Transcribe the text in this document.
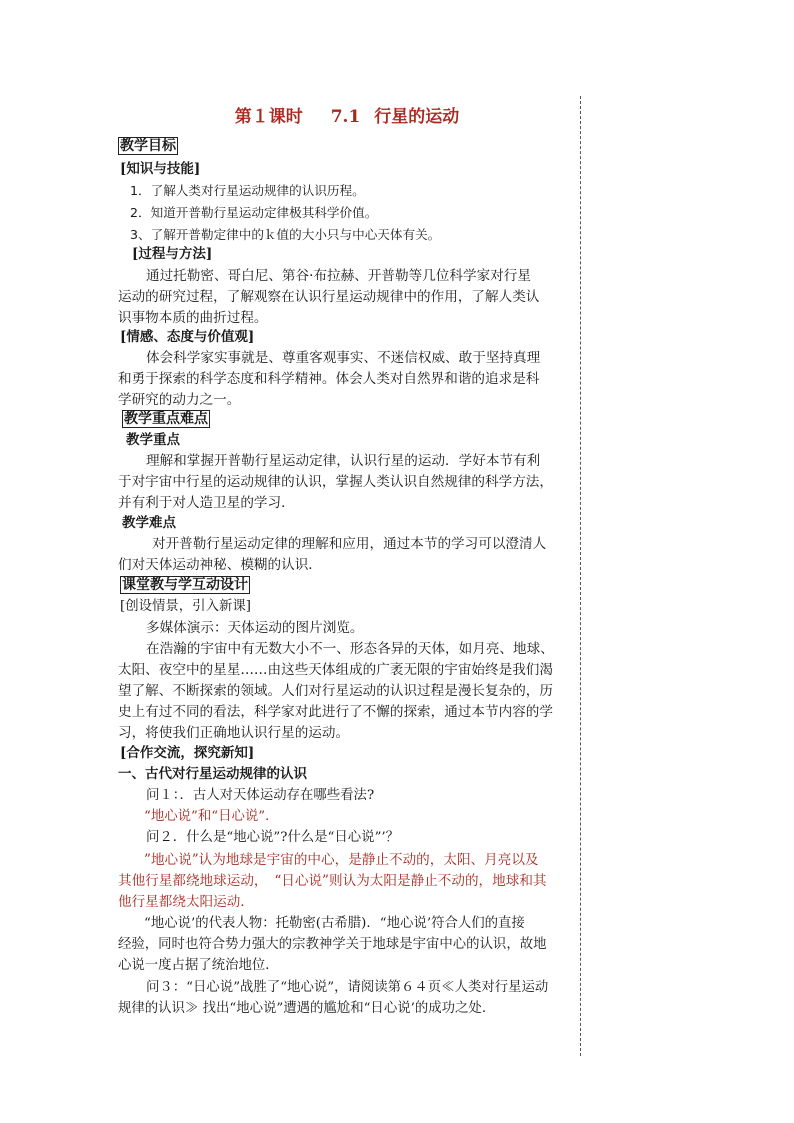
第１课时 7.1 行星的运动
教学目标
[知识与技能]
1．了解人类对行星运动规律的认识历程。
2．知道开普勒行星运动定律极其科学价值。
3、了解开普勒定律中的ｋ值的大小只与中心天体有关。
[过程与方法]
通过托勒密、哥白尼、第谷·布拉赫、开普勒等几位科学家对行星
运动的研究过程，了解观察在认识行星运动规律中的作用，了解人类认
识事物本质的曲折过程。
[情感、态度与价值观]
体会科学家实事就是、尊重客观事实、不迷信权威、敢于坚持真理
和勇于探索的科学态度和科学精神。体会人类对自然界和谐的追求是科
学研究的动力之一。
教学重点难点
教学重点
理解和掌握开普勒行星运动定律，认识行星的运动．学好本节有利
于对宇宙中行星的运动规律的认识，掌握人类认识自然规律的科学方法，
并有利于对人造卫星的学习．
教学难点
对开普勒行星运动定律的理解和应用，通过本节的学习可以澄清人
们对天体运动神秘、模糊的认识．
课堂教与学互动设计
[创设情景，引入新课]
多媒体演示：天体运动的图片浏览。
在浩瀚的宇宙中有无数大小不一、形态各异的天体，如月亮、地球、
太阳、夜空中的星星……由这些天体组成的广袤无限的宇宙始终是我们渴
望了解、不断探索的领域。人们对行星运动的认识过程是漫长复杂的，历
史上有过不同的看法，科学家对此进行了不懈的探索，通过本节内容的学
习，将使我们正确地认识行星的运动。
[合作交流，探究新知]
一、古代对行星运动规律的认识
问１：．古人对天体运动存在哪些看法?
“地心说”和“日心说”．
问２．什么是“地心说”?什么是“日心说”’？
”地心说”认为地球是宇宙的中心，是静止不动的，太阳、月亮以及
其他行星都绕地球运动，　“日心说”则认为太阳是静止不动的，地球和其
他行星都绕太阳运动．
“地心说’的代表人物：托勒密(古希腊)．“地心说’符合人们的直接
经验，同时也符合势力强大的宗教神学关于地球是宇宙中心的认识，故地
心说一度占据了统治地位．
问３：“日心说”战胜了“地心说”，请阅读第６４页≪人类对行星运动
规律的认识≫ 找出“地心说”遭遇的尴尬和“日心说’的成功之处．
